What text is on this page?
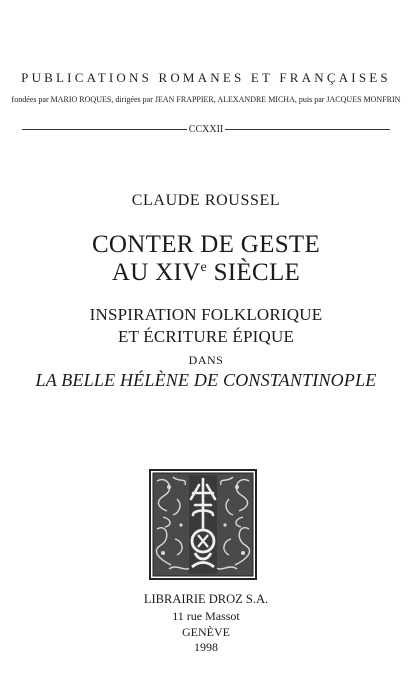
PUBLICATIONS ROMANES ET FRANÇAISES
fondées par MARIO ROQUES, dirigées par JEAN FRAPPIER, ALEXANDRE MICHA, puis par JACQUES MONFRIN
CCXXII
CLAUDE ROUSSEL
CONTER DE GESTE
AU XIVe SIÈCLE
INSPIRATION FOLKLORIQUE
ET ÉCRITURE ÉPIQUE
DANS
LA BELLE HÉLÈNE DE CONSTANTINOPLE
LIBRAIRIE DROZ S.A.
11 rue Massot
GENÈVE
1998
